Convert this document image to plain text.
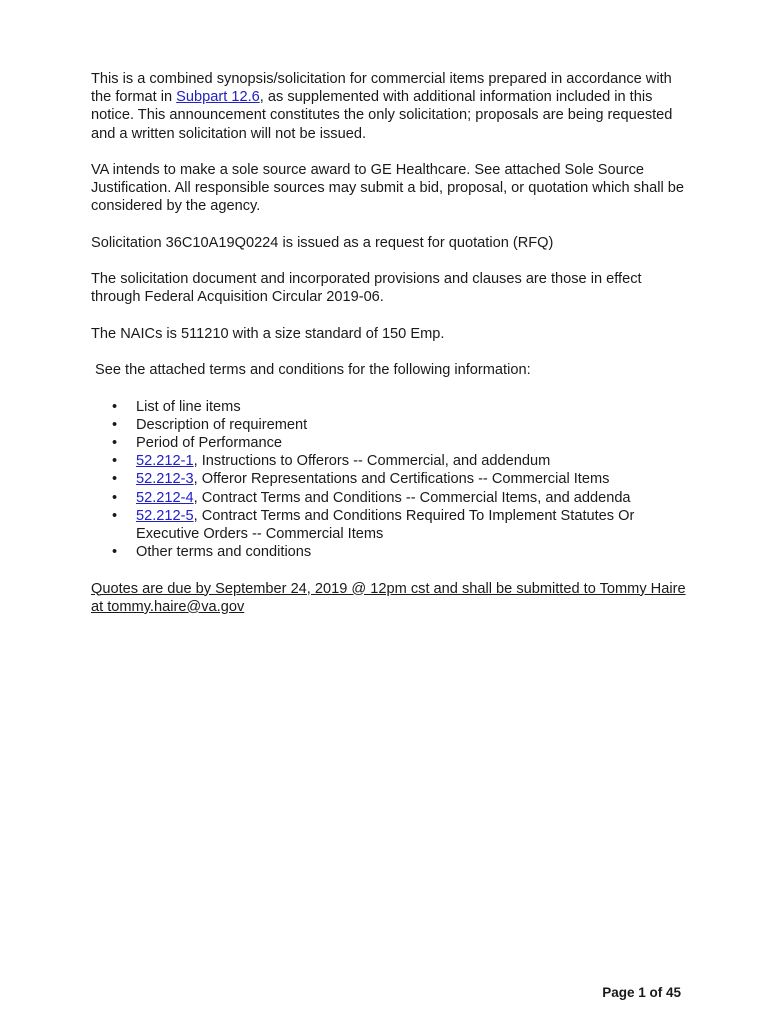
This is a combined synopsis/solicitation for commercial items prepared in accordance with the format in Subpart 12.6, as supplemented with additional information included in this notice. This announcement constitutes the only solicitation; proposals are being requested and a written solicitation will not be issued.

VA intends to make a sole source award to GE Healthcare. See attached Sole Source Justification. All responsible sources may submit a bid, proposal, or quotation which shall be considered by the agency.

Solicitation 36C10A19Q0224 is issued as a request for quotation (RFQ)

The solicitation document and incorporated provisions and clauses are those in effect through Federal Acquisition Circular 2019-06.

The NAICs is 511210 with a size standard of 150 Emp.

See the attached terms and conditions for the following information:

• List of line items
• Description of requirement
• Period of Performance
• 52.212-1, Instructions to Offerors -- Commercial, and addendum
• 52.212-3, Offeror Representations and Certifications -- Commercial Items
• 52.212-4, Contract Terms and Conditions -- Commercial Items, and addenda
• 52.212-5, Contract Terms and Conditions Required To Implement Statutes Or Executive Orders -- Commercial Items
• Other terms and conditions

Quotes are due by September 24, 2019 @ 12pm cst and shall be submitted to Tommy Haire at tommy.haire@va.gov

Page 1 of 45
